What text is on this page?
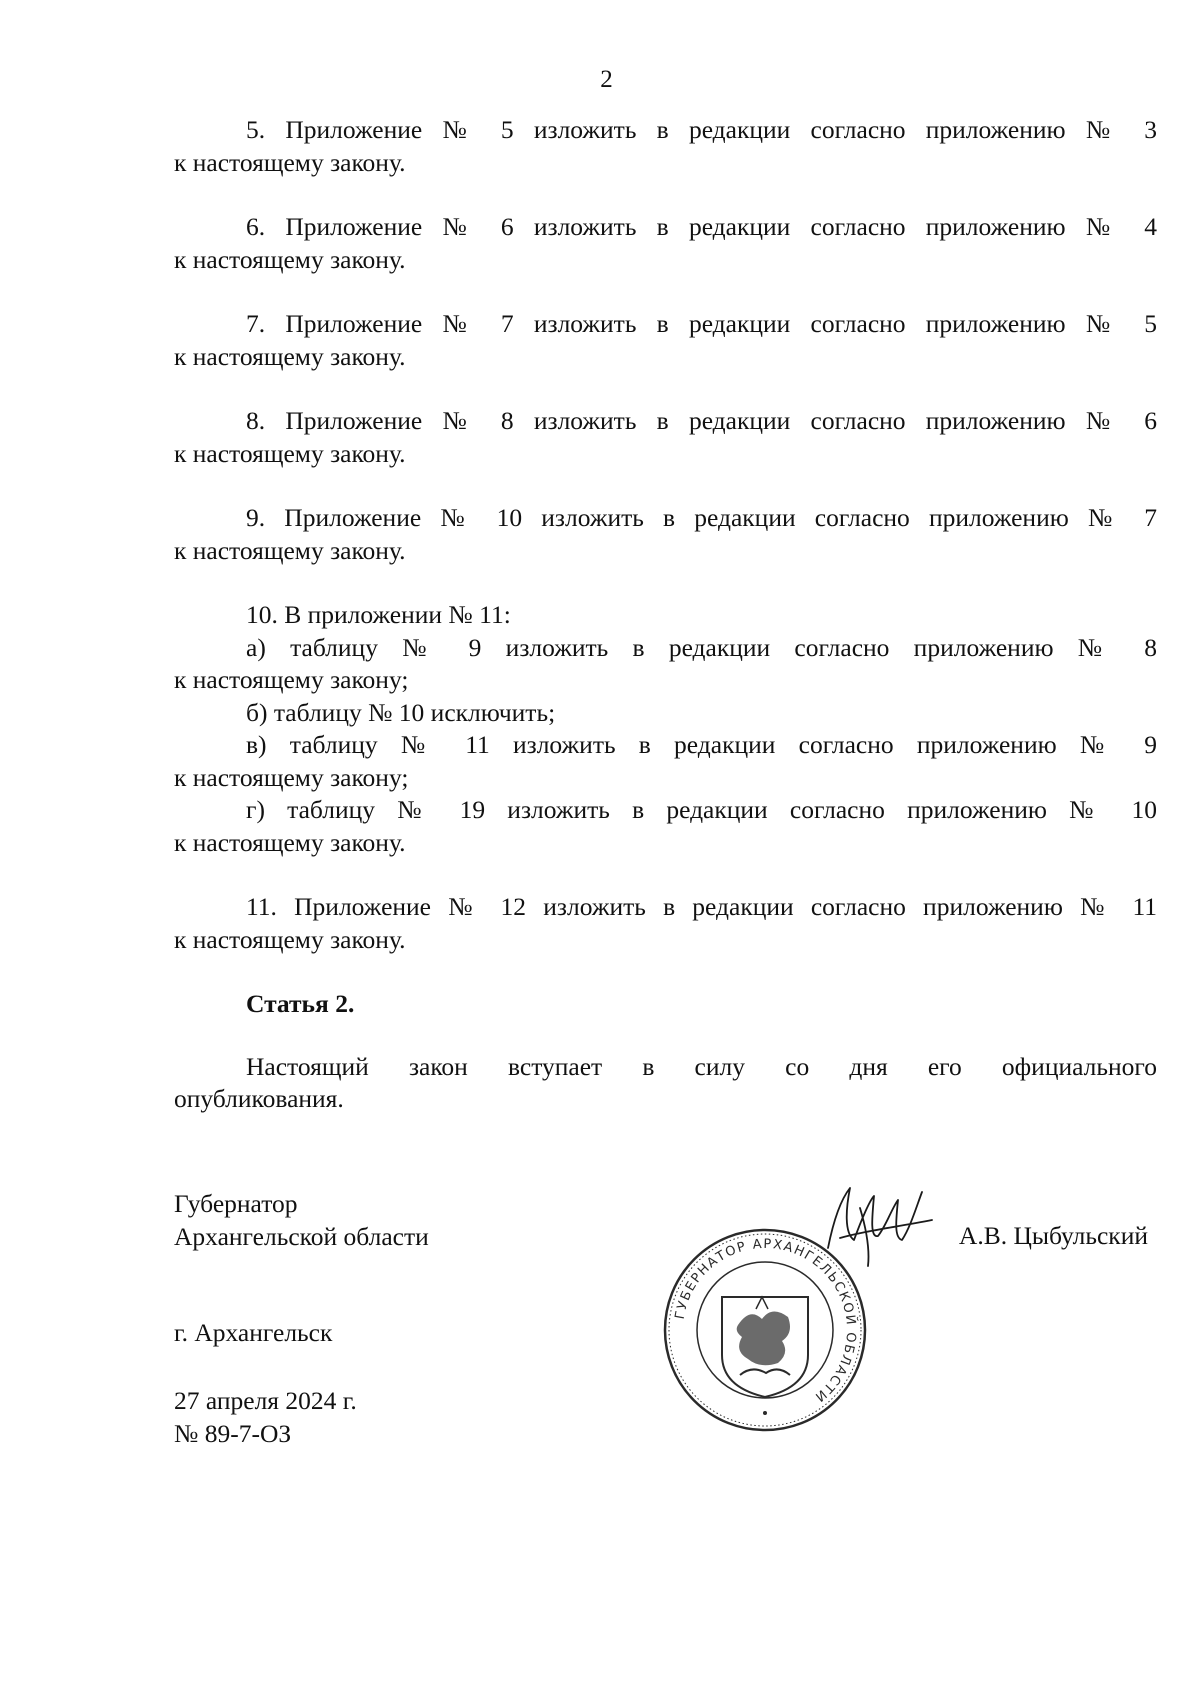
2

5. Приложение № 5 изложить в редакции согласно приложению № 3

к настоящему закону.

6. Приложение № 6 изложить в редакции согласно приложению № 4

к настоящему закону.

7. Приложение № 7 изложить в редакции согласно приложению № 5

к настоящему закону.

8. Приложение № 8 изложить в редакции согласно приложению № 6

к настоящему закону.

9. Приложение № 10 изложить в редакции согласно приложению № 7

к настоящему закону.

10. В приложении № 11:

а) таблицу № 9 изложить в редакции согласно приложению № 8

к настоящему закону;

б) таблицу № 10 исключить;

в) таблицу № 11 изложить в редакции согласно приложению № 9

к настоящему закону;

г) таблицу № 19 изложить в редакции согласно приложению № 10

к настоящему закону.

11. Приложение № 12 изложить в редакции согласно приложению № 11

к настоящему закону.

Статья 2.

Настоящий закон вступает в силу со дня его официального

опубликования.

Губернатор

Архангельской области

ГУБЕРНАТОР АРХАНГЕЛЬСКОЙ ОБЛАСТИ
А.В. Цыбульский
г. Архангельск

27 апреля 2024 г.

№ 89-7-ОЗ
